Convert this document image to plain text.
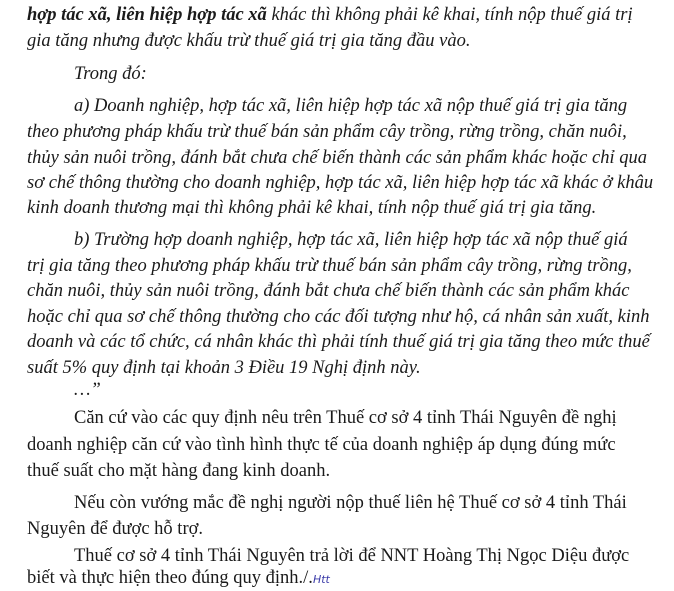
hợp tác xã, liên hiệp hợp tác xã khác thì không phải kê khai, tính nộp thuế giá trị

gia tăng nhưng được khấu trừ thuế giá trị gia tăng đầu vào.

Trong đó:

a) Doanh nghiệp, hợp tác xã, liên hiệp hợp tác xã nộp thuế giá trị gia tăng

theo phương pháp khấu trừ thuế bán sản phẩm cây trồng, rừng trồng, chăn nuôi,

thủy sản nuôi trồng, đánh bắt chưa chế biến thành các sản phẩm khác hoặc chỉ qua

sơ chế thông thường cho doanh nghiệp, hợp tác xã, liên hiệp hợp tác xã khác ở khâu

kinh doanh thương mại thì không phải kê khai, tính nộp thuế giá trị gia tăng.

b) Trường hợp doanh nghiệp, hợp tác xã, liên hiệp hợp tác xã nộp thuế giá

trị gia tăng theo phương pháp khấu trừ thuế bán sản phẩm cây trồng, rừng trồng,

chăn nuôi, thủy sản nuôi trồng, đánh bắt chưa chế biến thành các sản phẩm khác

hoặc chỉ qua sơ chế thông thường cho các đối tượng như hộ, cá nhân sản xuất, kinh

doanh và các tổ chức, cá nhân khác thì phải tính thuế giá trị gia tăng theo mức thuế

suất 5% quy định tại khoản 3 Điều 19 Nghị định này.

…”

Căn cứ vào các quy định nêu trên Thuế cơ sở 4 tỉnh Thái Nguyên đề nghị

doanh nghiệp căn cứ vào tình hình thực tế của doanh nghiệp áp dụng đúng mức

thuế suất cho mặt hàng đang kinh doanh.

Nếu còn vướng mắc đề nghị người nộp thuế liên hệ Thuế cơ sở 4 tỉnh Thái

Nguyên để được hỗ trợ.

Thuế cơ sở 4 tỉnh Thái Nguyên trả lời để NNT Hoàng Thị Ngọc Diệu được

biết và thực hiện theo đúng quy định./.Htt
